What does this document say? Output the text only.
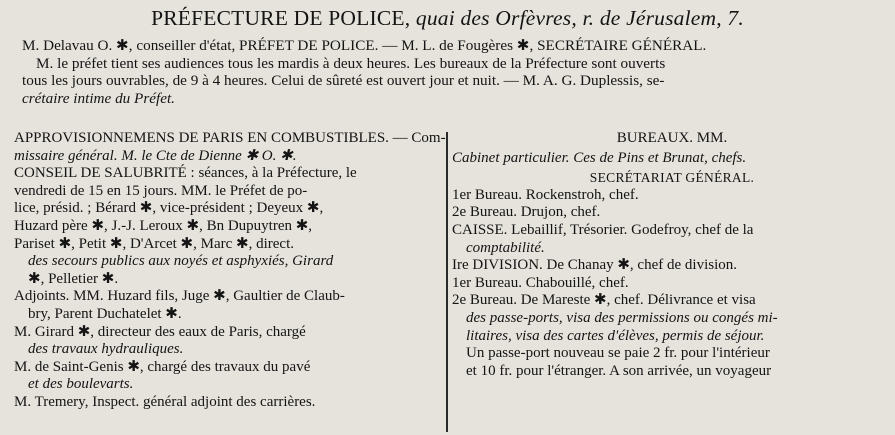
PRÉFECTURE DE POLICE, quai des Orfèvres, r. de Jérusalem, 7.

M. Delavau O. ✱, conseiller d'état, PRÉFET DE POLICE. — M. L. de Fougères ✱, SECRÉTAIRE GÉNÉRAL.

M. le préfet tient ses audiences tous les mardis à deux heures. Les bureaux de la Préfecture sont ouverts

tous les jours ouvrables, de 9 à 4 heures. Celui de sûreté est ouvert jour et nuit. — M. A. G. Duplessis, se-

crétaire intime du Préfet.

APPROVISIONNEMENS DE PARIS EN COMBUSTIBLES. — Com-
missaire général. M. le Cte de Dienne ✱ O. ✱.
CONSEIL DE SALUBRITÉ : séances, à la Préfecture, le
vendredi de 15 en 15 jours. MM. le Préfet de po-
lice, présid. ; Bérard ✱, vice-président ; Deyeux ✱,
Huzard père ✱, J.-J. Leroux ✱, Bn Dupuytren ✱,
Pariset ✱, Petit ✱, D'Arcet ✱, Marc ✱, direct.
des secours publics aux noyés et asphyxiés, Girard
✱, Pelletier ✱.
Adjoints. MM. Huzard fils, Juge ✱, Gaultier de Claub-
bry, Parent Duchatelet ✱.
M. Girard ✱, directeur des eaux de Paris, chargé
des travaux hydrauliques.
M. de Saint-Genis ✱, chargé des travaux du pavé
et des boulevarts.
M. Tremery, Inspect. général adjoint des carrières.
BUREAUX. MM.
Cabinet particulier. Ces de Pins et Brunat, chefs.
SECRÉTARIAT GÉNÉRAL.
1er Bureau. Rockenstroh, chef.
2e Bureau. Drujon, chef.
CAISSE. Lebaillif, Trésorier. Godefroy, chef de la
comptabilité.
Ire DIVISION. De Chanay ✱, chef de division.
1er Bureau. Chabouillé, chef.
2e Bureau. De Mareste ✱, chef. Délivrance et visa
des passe-ports, visa des permissions ou congés mi-
litaires, visa des cartes d'élèves, permis de séjour.
Un passe-port nouveau se paie 2 fr. pour l'intérieur
et 10 fr. pour l'étranger. A son arrivée, un voyageur
